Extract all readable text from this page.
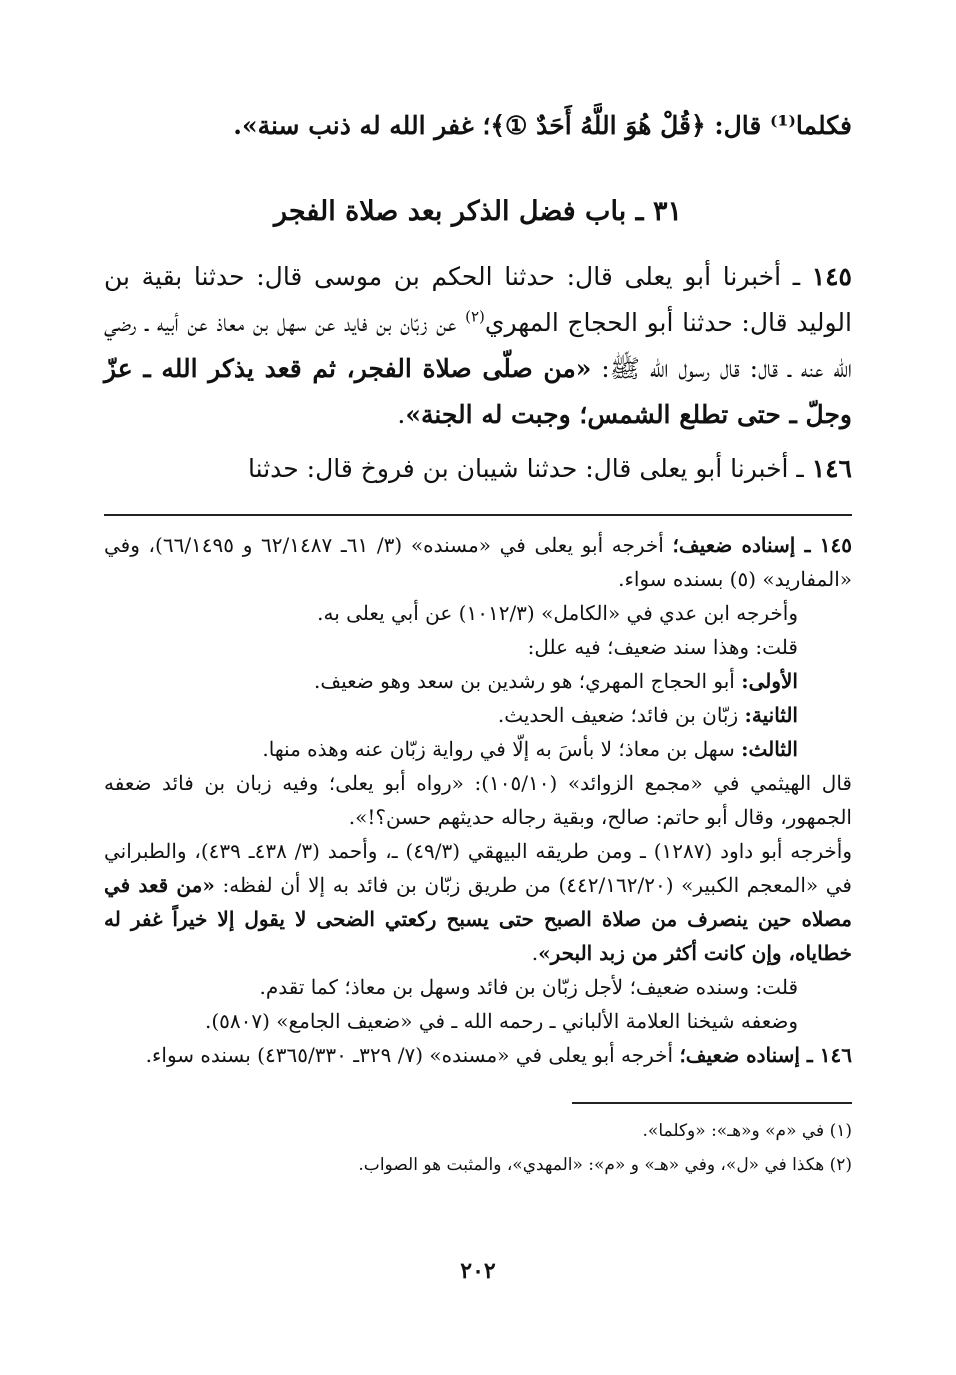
فكلما⁽¹⁾ قال: ﴿قُلْ هُوَ اللَّهُ أَحَدٌ ①﴾؛ غفر الله له ذنب سنة».

٣١ ـ باب فضل الذكر بعد صلاة الفجر

١٤٥ ـ أخبرنا أبو يعلى قال: حدثنا الحكم بن موسى قال: حدثنا بقية بن الوليد قال: حدثنا أبو الحجاج المهري$^{(٢)}$ عن زبّان بن فايد عن سهل بن معاذ عن أبيه ـ رضي الله عنه ـ قال: قال رسول الله ﷺ: «من صلّى صلاة الفجر، ثم قعد يذكر الله ـ عزّ وجلّ ـ حتى تطلع الشمس؛ وجبت له الجنة».

١٤٦ ـ أخبرنا أبو يعلى قال: حدثنا شيبان بن فروخ قال: حدثنا

١٤٥ ـ إسناده ضعيف؛ أخرجه أبو يعلى في «مسنده» (٣/ ٦١ـ ٦٢/١٤٨٧ و ٦٦/١٤٩٥)، وفي «المفاريد» (٥) بسنده سواء.

وأخرجه ابن عدي في «الكامل» (١٠١٢/٣) عن أبي يعلى به.

قلت: وهذا سند ضعيف؛ فيه علل:

الأولى: أبو الحجاج المهري؛ هو رشدين بن سعد وهو ضعيف.

الثانية: زبّان بن فائد؛ ضعيف الحديث.

الثالث: سهل بن معاذ؛ لا بأسَ به إلّا في رواية زبّان عنه وهذه منها.

قال الهيثمي في «مجمع الزوائد» (١٠٥/١٠): «رواه أبو يعلى؛ وفيه زبان بن فائد ضعفه الجمهور، وقال أبو حاتم: صالح، وبقية رجاله حديثهم حسن؟!».

وأخرجه أبو داود (١٢٨٧) ـ ومن طريقه البيهقي (٤٩/٣) ـ، وأحمد (٣/ ٤٣٨ـ ٤٣٩)، والطبراني في «المعجم الكبير» (٤٤٢/١٦٢/٢٠) من طريق زبّان بن فائد به إلا أن لفظه: «من قعد في مصلاه حين ينصرف من صلاة الصبح حتى يسبح ركعتي الضحى لا يقول إلا خيراً غفر له خطاياه، وإن كانت أكثر من زبد البحر».

قلت: وسنده ضعيف؛ لأجل زبّان بن فائد وسهل بن معاذ؛ كما تقدم.

وضعفه شيخنا العلامة الألباني ـ رحمه الله ـ في «ضعيف الجامع» (٥٨٠٧).

١٤٦ ـ إسناده ضعيف؛ أخرجه أبو يعلى في «مسنده» (٧/ ٣٢٩ـ ٤٣٦٥/٣٣٠) بسنده سواء.

(١) في «م» و«هـ»: «وكلما».

(٢) هكذا في «ل»، وفي «هـ» و «م»: «المهدي»، والمثبت هو الصواب.

٢٠٢
